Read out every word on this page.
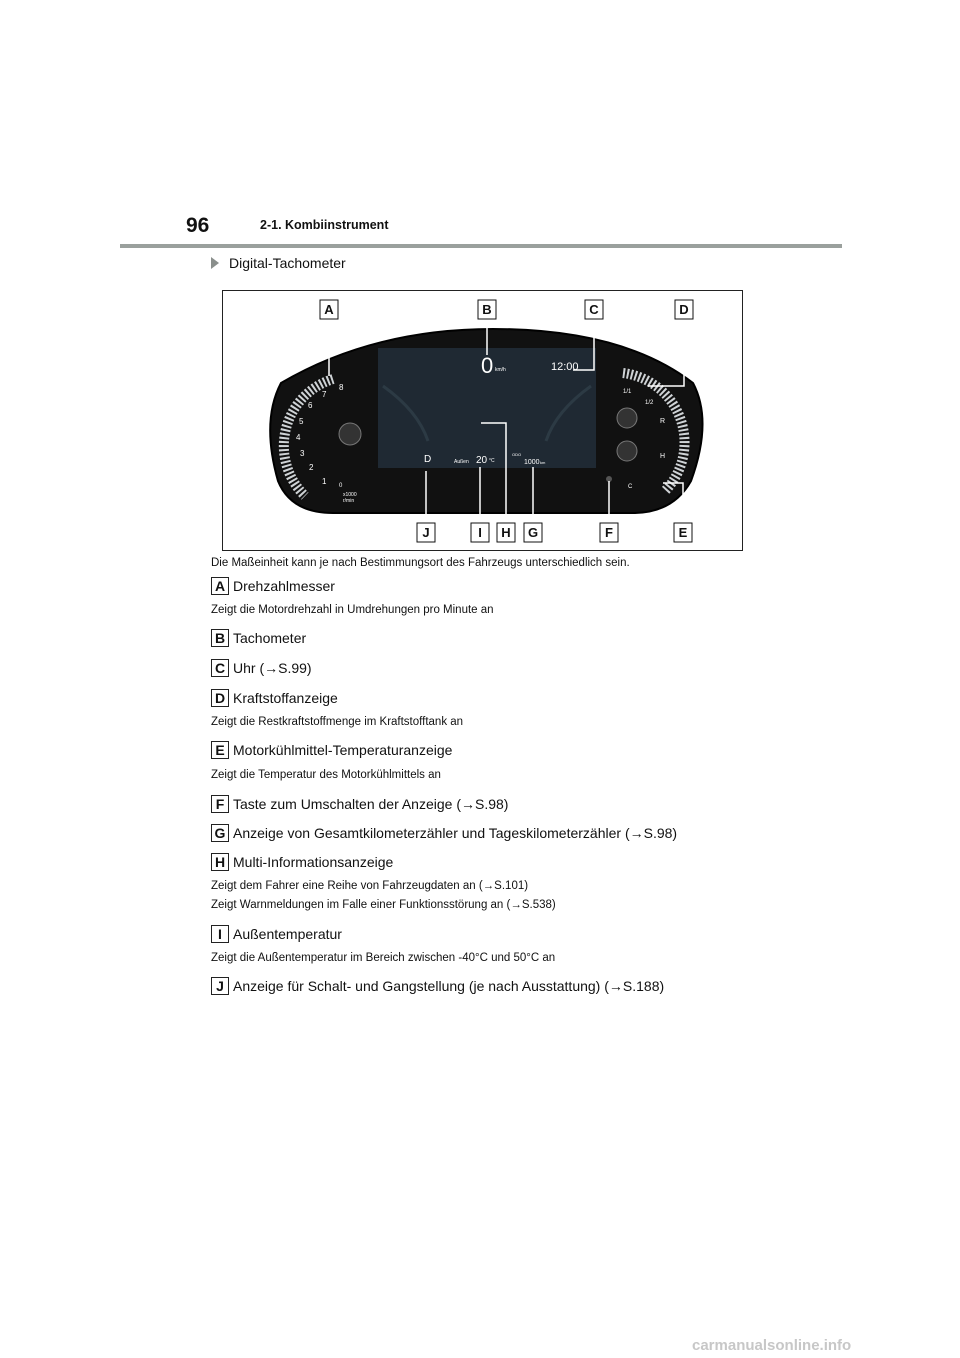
96	2-1. Kombiinstrument
Digital-Tachometer
0 km/h	12:00
D	Außen 20 °C
ODO
1000 km
1
2
3
4
5
6
7
8
0
x1000
r/min
1/1
1/2
R
H
C
A	B	C	D
J	I H G	F	E
Die Maßeinheit kann je nach Bestimmungsort des Fahrzeugs unterschiedlich sein.
A Drehzahlmesser
Zeigt die Motordrehzahl in Umdrehungen pro Minute an
B Tachometer
C Uhr (→S.99)
D Kraftstoffanzeige
Zeigt die Restkraftstoffmenge im Kraftstofftank an
E Motorkühlmittel-Temperaturanzeige
Zeigt die Temperatur des Motorkühlmittels an
F Taste zum Umschalten der Anzeige (→S.98)
G Anzeige von Gesamtkilometerzähler und Tageskilometerzähler (→S.98)
H Multi-Informationsanzeige
Zeigt dem Fahrer eine Reihe von Fahrzeugdaten an (→S.101)
Zeigt Warnmeldungen im Falle einer Funktionsstörung an (→S.538)
I Außentemperatur
Zeigt die Außentemperatur im Bereich zwischen -40°C und 50°C an
J Anzeige für Schalt- und Gangstellung (je nach Ausstattung) (→S.188)
carmanualsonline.info
